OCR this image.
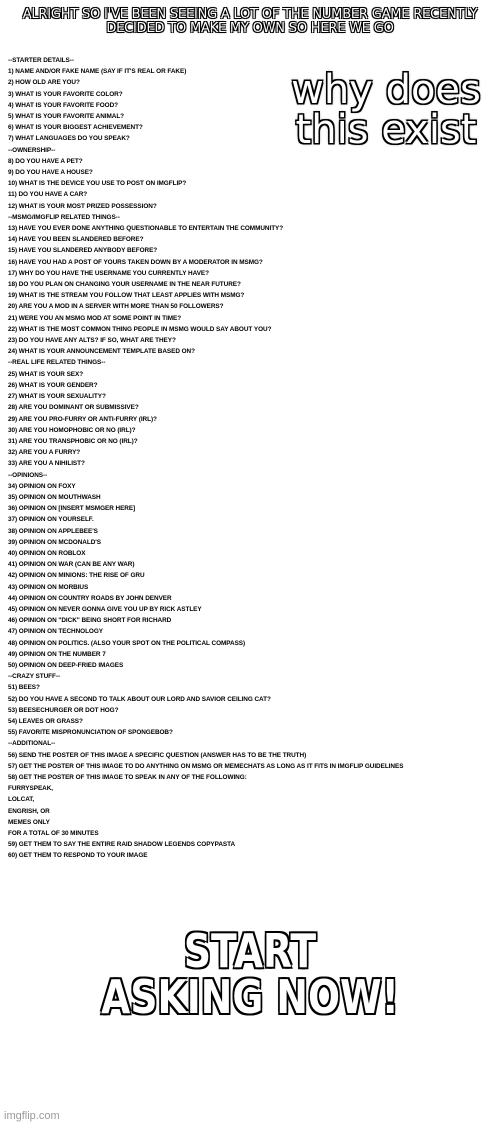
ALRIGHT SO I'VE BEEN SEEING A LOT OF THE NUMBER GAME RECENTLY
DECIDED TO MAKE MY OWN SO HERE WE GO
--STARTER DETAILS--
1) NAME AND/OR FAKE NAME (SAY IF IT'S REAL OR FAKE)
2) HOW OLD ARE YOU?
3) WHAT IS YOUR FAVORITE COLOR?
4) WHAT IS YOUR FAVORITE FOOD?
5) WHAT IS YOUR FAVORITE ANIMAL?
6) WHAT IS YOUR BIGGEST ACHIEVEMENT?
7) WHAT LANGUAGES DO YOU SPEAK?
--OWNERSHIP--
8) DO YOU HAVE A PET?
9) DO YOU HAVE A HOUSE?
10) WHAT IS THE DEVICE YOU USE TO POST ON IMGFLIP?
11) DO YOU HAVE A CAR?
12) WHAT IS YOUR MOST PRIZED POSSESSION?
--MSMG/IMGFLIP RELATED THINGS--
13) HAVE YOU EVER DONE ANYTHING QUESTIONABLE TO ENTERTAIN THE COMMUNITY?
14) HAVE YOU BEEN SLANDERED BEFORE?
15) HAVE YOU SLANDERED ANYBODY BEFORE?
16) HAVE YOU HAD A POST OF YOURS TAKEN DOWN BY A MODERATOR IN MSMG?
17) WHY DO YOU HAVE THE USERNAME YOU CURRENTLY HAVE?
18) DO YOU PLAN ON CHANGING YOUR USERNAME IN THE NEAR FUTURE?
19) WHAT IS THE STREAM YOU FOLLOW THAT LEAST APPLIES WITH MSMG?
20) ARE YOU A MOD IN A SERVER WITH MORE THAN 50 FOLLOWERS?
21) WERE YOU AN MSMG MOD AT SOME POINT IN TIME?
22) WHAT IS THE MOST COMMON THING PEOPLE IN MSMG WOULD SAY ABOUT YOU?
23) DO YOU HAVE ANY ALTS? IF SO, WHAT ARE THEY?
24) WHAT IS YOUR ANNOUNCEMENT TEMPLATE BASED ON?
--REAL LIFE RELATED THINGS--
25) WHAT IS YOUR SEX?
26) WHAT IS YOUR GENDER?
27) WHAT IS YOUR SEXUALITY?
28) ARE YOU DOMINANT OR SUBMISSIVE?
29) ARE YOU PRO-FURRY OR ANTI-FURRY (IRL)?
30) ARE YOU HOMOPHOBIC OR NO (IRL)?
31) ARE YOU TRANSPHOBIC OR NO (IRL)?
32) ARE YOU A FURRY?
33) ARE YOU A NIHILIST?
--OPINIONS--
34) OPINION ON FOXY
35) OPINION ON MOUTHWASH
36) OPINION ON [INSERT MSMGER HERE]
37) OPINION ON YOURSELF.
38) OPINION ON APPLEBEE'S
39) OPINION ON MCDONALD'S
40) OPINION ON ROBLOX
41) OPINION ON WAR (CAN BE ANY WAR)
42) OPINION ON MINIONS: THE RISE OF GRU
43) OPINION ON MORBIUS
44) OPINION ON COUNTRY ROADS BY JOHN DENVER
45) OPINION ON NEVER GONNA GIVE YOU UP BY RICK ASTLEY
46) OPINION ON "DICK" BEING SHORT FOR RICHARD
47) OPINION ON TECHNOLOGY
48) OPINION ON POLITICS. (ALSO YOUR SPOT ON THE POLITICAL COMPASS)
49) OPINION ON THE NUMBER 7
50) OPINION ON DEEP-FRIED IMAGES
--CRAZY STUFF--
51) BEES?
52) DO YOU HAVE A SECOND TO TALK ABOUT OUR LORD AND SAVIOR CEILING CAT?
53) BEESECHURGER OR DOT HOG?
54) LEAVES OR GRASS?
55) FAVORITE MISPRONUNCIATION OF SPONGEBOB?
--ADDITIONAL--
56) SEND THE POSTER OF THIS IMAGE A SPECIFIC QUESTION (ANSWER HAS TO BE THE TRUTH)
57) GET THE POSTER OF THIS IMAGE TO DO ANYTHING ON MSMG OR MEMECHATS AS LONG AS IT FITS IN IMGFLIP GUIDELINES
58) GET THE POSTER OF THIS IMAGE TO SPEAK IN ANY OF THE FOLLOWING:
FURRYSPEAK,
LOLCAT,
ENGRISH, OR
MEMES ONLY
FOR A TOTAL OF 30 MINUTES
59) GET THEM TO SAY THE ENTIRE RAID SHADOW LEGENDS COPYPASTA
60) GET THEM TO RESPOND TO YOUR IMAGE
why does
this exist
START
ASKING NOW!
imgflip.com
